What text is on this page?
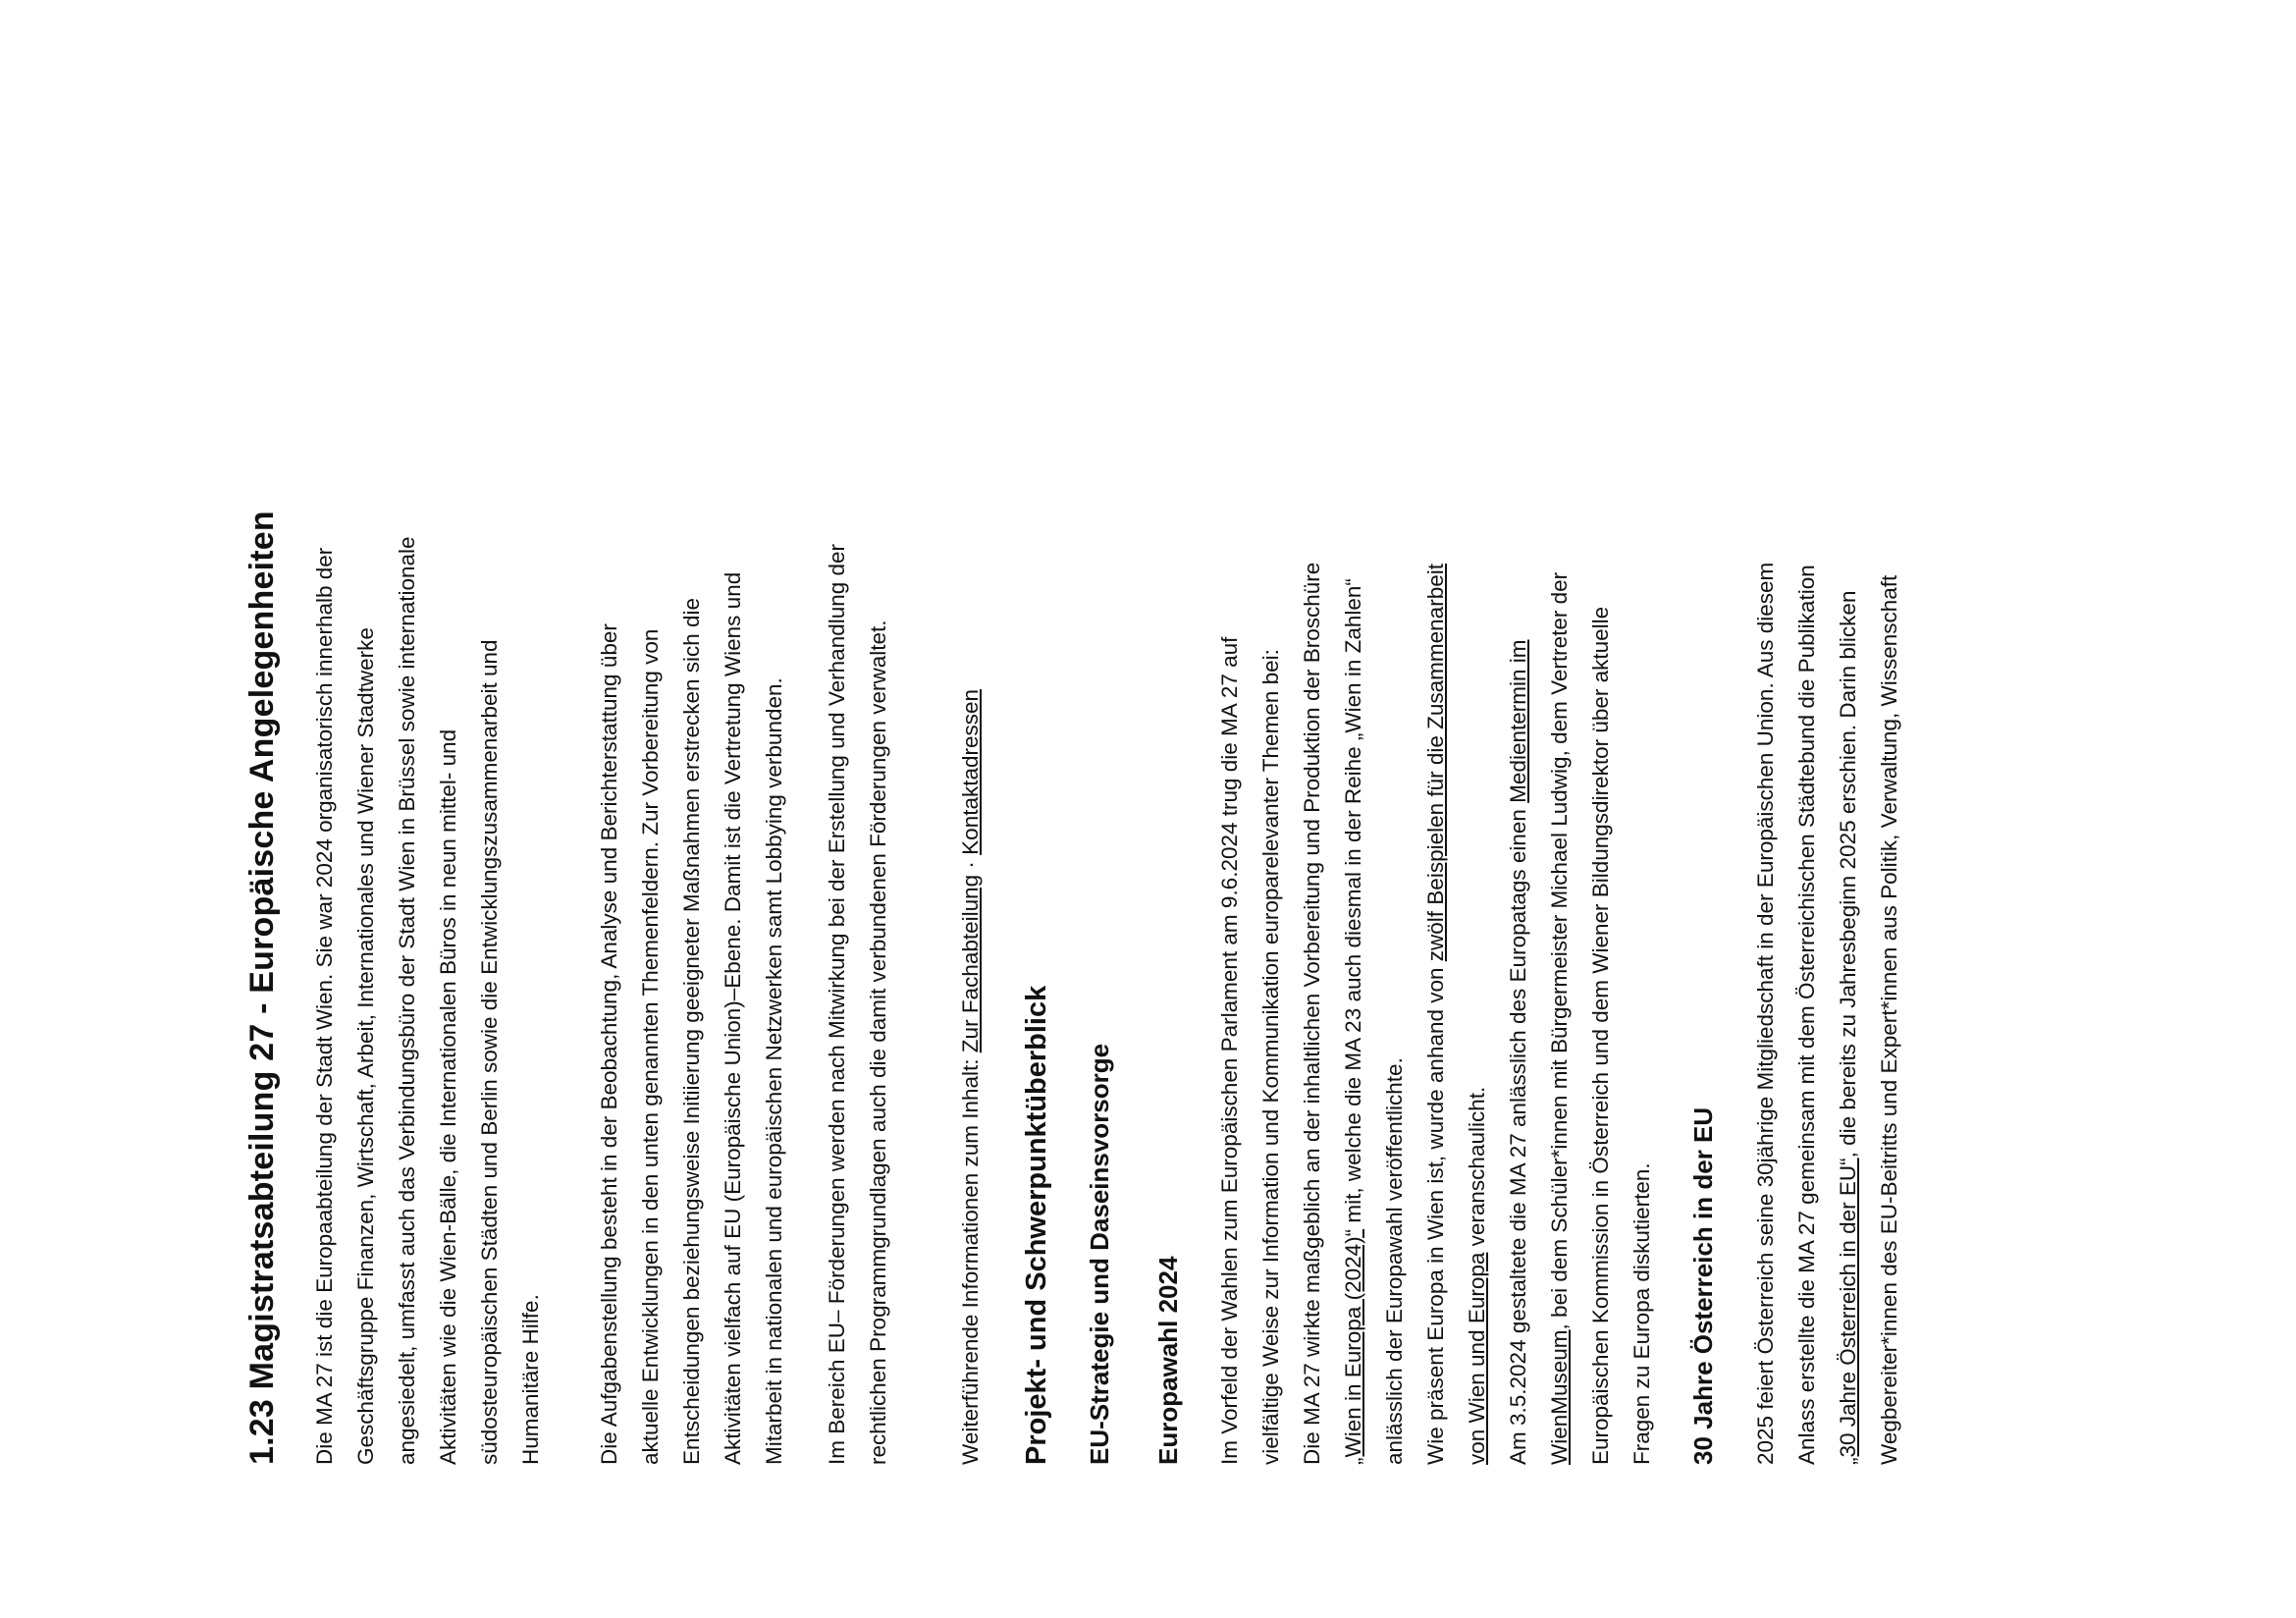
1.23 Magistratsabteilung 27 - Europäische Angelegenheiten Die MA 27 ist die Europaabteilung der Stadt Wien. Sie war 2024 organisatorisch innerhalb der Geschäftsgruppe Finanzen, Wirtschaft, Arbeit, Internationales und Wiener Stadtwerke angesiedelt, umfasst auch das Verbindungsbüro der Stadt Wien in Brüssel sowie internationale Aktivitäten wie die Wien-Bälle, die Internationalen Büros in neun mittel- und südosteuropäischen Städten und Berlin sowie die Entwicklungszusammenarbeit und Humanitäre Hilfe. Die Aufgabenstellung besteht in der Beobachtung, Analyse und Berichterstattung über aktuelle Entwicklungen in den unten genannten Themenfeldern. Zur Vorbereitung von Entscheidungen beziehungsweise Initiierung geeigneter Maßnahmen erstrecken sich die Aktivitäten vielfach auf EU (Europäische Union)–Ebene. Damit ist die Vertretung Wiens und Mitarbeit in nationalen und europäischen Netzwerken samt Lobbying verbunden. Im Bereich EU– Förderungen werden nach Mitwirkung bei der Erstellung und Verhandlung der rechtlichen Programmgrundlagen auch die damit verbundenen Förderungen verwaltet.	Weiterführende Informationen zum Inhalt: Zur Fachabteilung · Kontaktadressen
Projekt- und Schwerpunktüberblick EU-Strategie und Daseinsvorsorge Europawahl 2024 Im Vorfeld der Wahlen zum Europäischen Parlament am 9.6.2024 trug die MA 27 auf vielfältige Weise zur Information und Kommunikation europarelevanter Themen bei: Die MA 27 wirkte maßgeblich an der inhaltlichen Vorbereitung und Produktion der Broschüre „Wien in Europa (2024)“ mit, welche die MA 23 auch diesmal in der Reihe „Wien in Zahlen“
anlässlich der Europawahl veröffentlichte. Wie präsent Europa in Wien ist, wurde anhand von zwölf Beispielen für die Zusammenarbeit
von Wien und Europa veranschaulicht. Am 3.5.2024 gestaltete die MA 27 anlässlich des Europatags einen Medientermin im
WienMuseum, bei dem Schüler*innen mit Bürgermeister Michael Ludwig, dem Vertreter der Europäischen Kommission in Österreich und dem Wiener Bildungsdirektor über aktuelle Fragen zu Europa diskutierten. 30 Jahre Österreich in der EU 2025 feiert Österreich seine 30jährige Mitgliedschaft in der Europäischen Union. Aus diesem Anlass erstellte die MA 27 gemeinsam mit dem Österreichischen Städtebund die Publikation „30 Jahre Österreich in der EU“, die bereits zu Jahresbeginn 2025 erschien. Darin blicken Wegbereiter*innen des EU-Beitritts und Expert*innen aus Politik, Verwaltung, Wissenschaft
